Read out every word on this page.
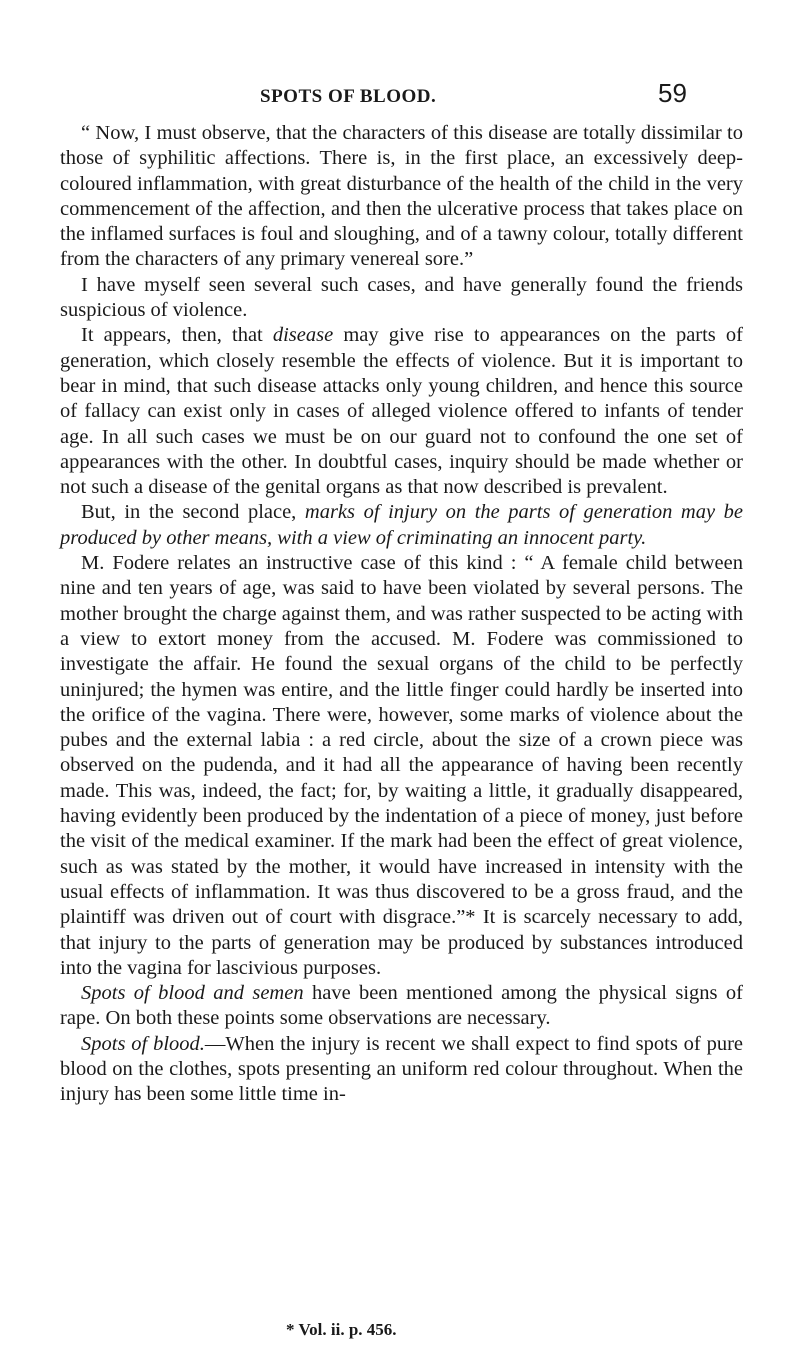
SPOTS OF BLOOD.	59

“ Now, I must observe, that the characters of this disease are totally dissimilar to those of syphilitic affections. There is, in the first place, an excessively deep-coloured inflammation, with great disturbance of the health of the child in the very commencement of the affection, and then the ulcerative process that takes place on the inflamed surfaces is foul and sloughing, and of a tawny colour, totally different from the characters of any primary venereal sore.”

I have myself seen several such cases, and have generally found the friends suspicious of violence.

It appears, then, that disease may give rise to appearances on the parts of generation, which closely resemble the effects of violence. But it is important to bear in mind, that such disease attacks only young children, and hence this source of fallacy can exist only in cases of alleged violence offered to infants of tender age. In all such cases we must be on our guard not to confound the one set of appearances with the other. In doubtful cases, inquiry should be made whether or not such a disease of the genital organs as that now described is prevalent.

But, in the second place, marks of injury on the parts of generation may be produced by other means, with a view of criminating an innocent party.

M. Fodere relates an instructive case of this kind : “ A female child between nine and ten years of age, was said to have been violated by several persons. The mother brought the charge against them, and was rather suspected to be acting with a view to extort money from the accused. M. Fodere was commissioned to investigate the affair. He found the sexual organs of the child to be perfectly uninjured; the hymen was entire, and the little finger could hardly be inserted into the orifice of the vagina. There were, however, some marks of violence about the pubes and the external labia : a red circle, about the size of a crown piece was observed on the pudenda, and it had all the appearance of having been recently made. This was, indeed, the fact; for, by waiting a little, it gradually disappeared, having evidently been produced by the indentation of a piece of money, just before the visit of the medical examiner. If the mark had been the effect of great violence, such as was stated by the mother, it would have increased in intensity with the usual effects of inflammation. It was thus discovered to be a gross fraud, and the plaintiff was driven out of court with disgrace.”* It is scarcely necessary to add, that injury to the parts of generation may be produced by substances introduced into the vagina for lascivious purposes.

Spots of blood and semen have been mentioned among the physical signs of rape. On both these points some observations are necessary.

Spots of blood.—When the injury is recent we shall expect to find spots of pure blood on the clothes, spots presenting an uniform red colour throughout. When the injury has been some little time in-

* Vol. ii. p. 456.
